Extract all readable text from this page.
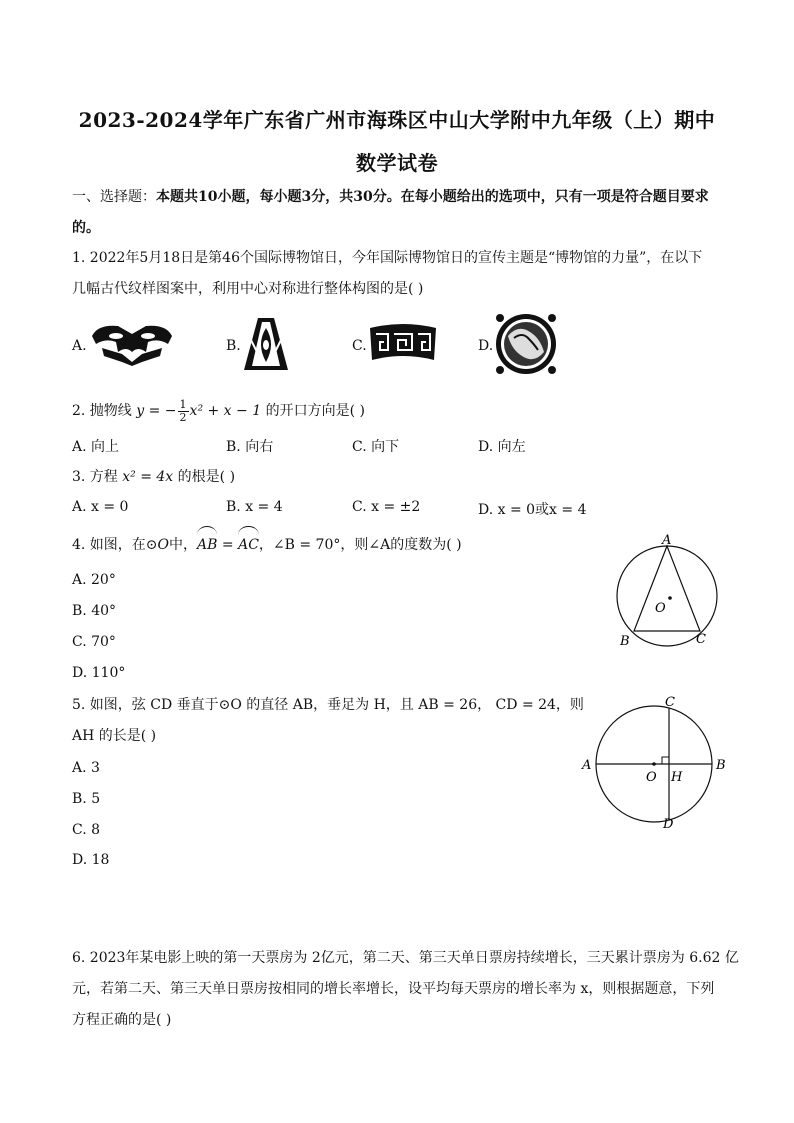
2023-2024学年广东省广州市海珠区中山大学附中九年级（上）期中
数学试卷
一、选择题：本题共10小题，每小题3分，共30分。在每小题给出的选项中，只有一项是符合题目要求的。
1. 2022年5月18日是第46个国际博物馆日，今年国际博物馆日的宣传主题是“博物馆的力量”，在以下
几幅古代纹样图案中，利用中心对称进行整体构图的是( )
A.	B.	C.	D.
2. 抛物线 y = − $\frac{1}{2} x^2 + x - 1$ 的开口方向是( )
A. 向上	B. 向右	C. 向下	D. 向左
3. 方程 x² = 4x 的根是( )
A. x = 0	B. x = 4	C. x = ±2	D. x = 0或x = 4
4. 如图，在⊙O中，AB = AC，∠B = 70°，则∠A的度数为( )
A. 20°
B. 40°
C. 70°
D. 110°
A
B	C
O
5. 如图，弦 CD 垂直于⊙O 的直径 AB，垂足为 H，且 AB = 26， CD = 24，则
AH 的长是( )
A. 3
B. 5
C. 8
D. 18
A	B
C
D
O H
6. 2023年某电影上映的第一天票房为 2亿元，第二天、第三天单日票房持续增长，三天累计票房为 6.62 亿
元，若第二天、第三天单日票房按相同的增长率增长，设平均每天票房的增长率为 x，则根据题意，下列
方程正确的是( )
